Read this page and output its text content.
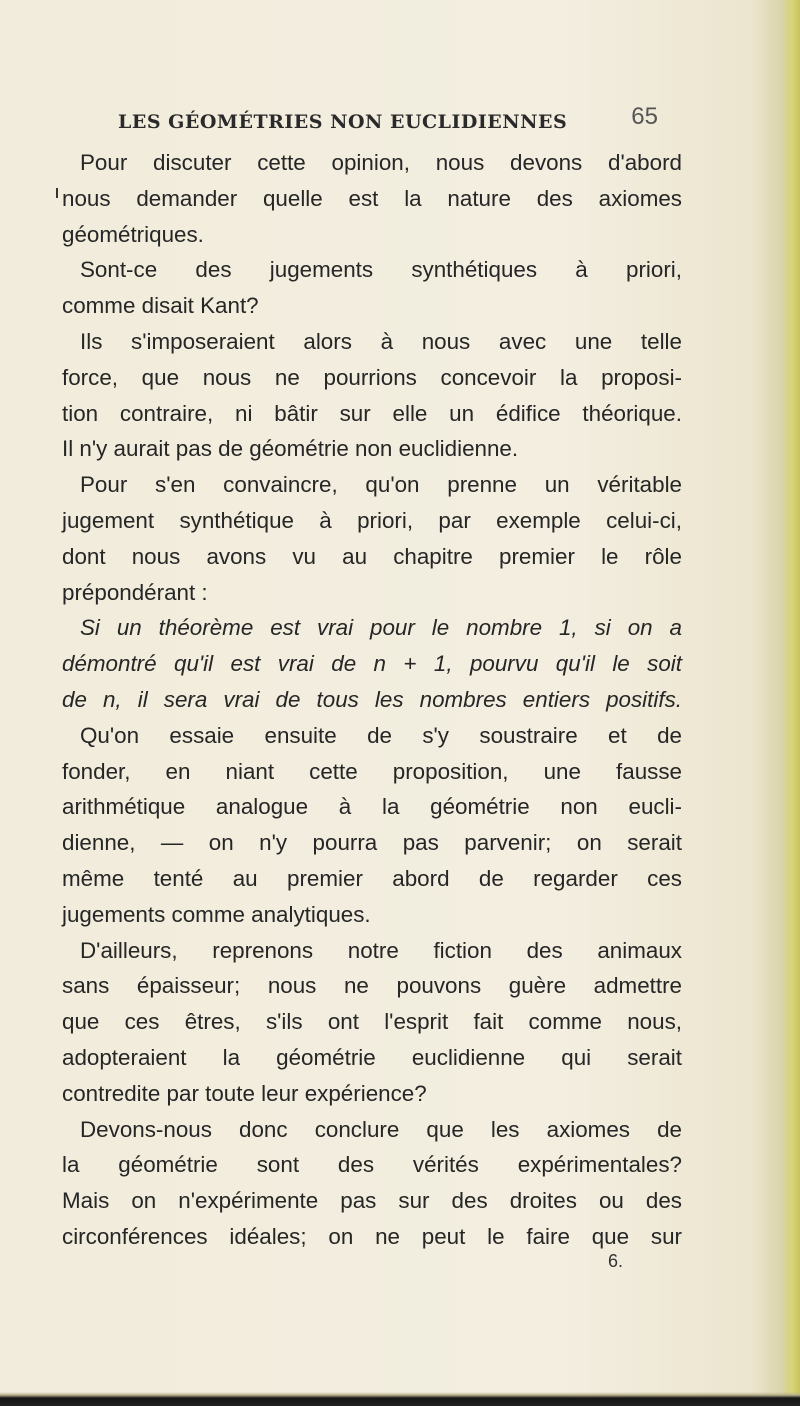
LES GÉOMÉTRIES NON EUCLIDIENNES	65
Pour discuter cette opinion, nous devons d'abord
nous demander quelle est la nature des axiomes
géométriques.
Sont-ce des jugements synthétiques à priori,
comme disait Kant?
Ils s'imposeraient alors à nous avec une telle
force, que nous ne pourrions concevoir la proposi-
tion contraire, ni bâtir sur elle un édifice théorique.
Il n'y aurait pas de géométrie non euclidienne.
Pour s'en convaincre, qu'on prenne un véritable
jugement synthétique à priori, par exemple celui-ci,
dont nous avons vu au chapitre premier le rôle
prépondérant :
Si un théorème est vrai pour le nombre 1, si on a
démontré qu'il est vrai de n + 1, pourvu qu'il le soit
de n, il sera vrai de tous les nombres entiers positifs.
Qu'on essaie ensuite de s'y soustraire et de
fonder, en niant cette proposition, une fausse
arithmétique analogue à la géométrie non eucli-
dienne, — on n'y pourra pas parvenir; on serait
même tenté au premier abord de regarder ces
jugements comme analytiques.
D'ailleurs, reprenons notre fiction des animaux
sans épaisseur; nous ne pouvons guère admettre
que ces êtres, s'ils ont l'esprit fait comme nous,
adopteraient la géométrie euclidienne qui serait
contredite par toute leur expérience?
Devons-nous donc conclure que les axiomes de
la géométrie sont des vérités expérimentales?
Mais on n'expérimente pas sur des droites ou des
circonférences idéales; on ne peut le faire que sur
6.
